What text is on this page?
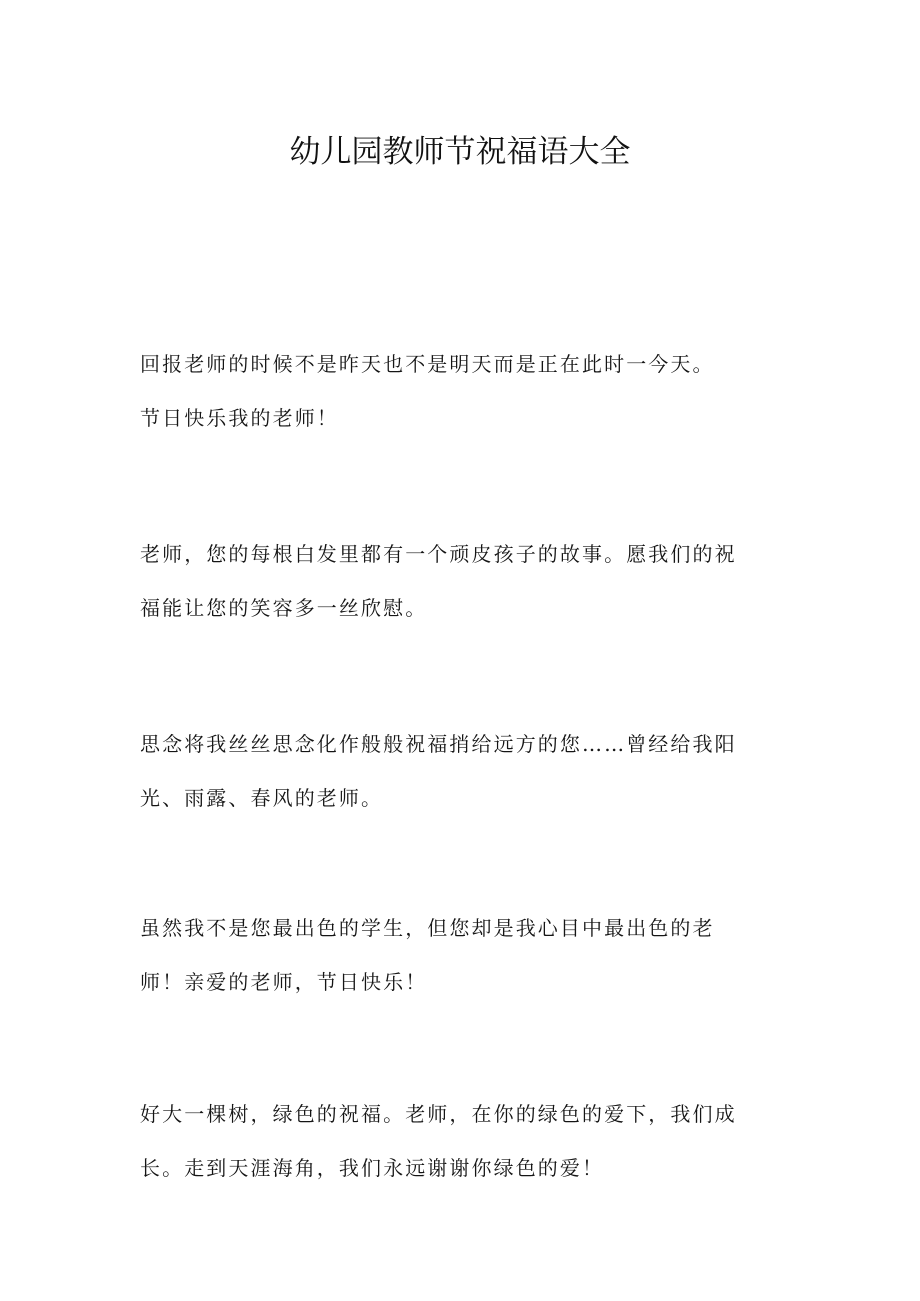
幼儿园教师节祝福语大全

回报老师的时候不是昨天也不是明天而是正在此时一今天。
节日快乐我的老师！

老师，您的每根白发里都有一个顽皮孩子的故事。愿我们的祝
福能让您的笑容多一丝欣慰。

思念将我丝丝思念化作般般祝福捎给远方的您……曾经给我阳
光、雨露、春风的老师。

虽然我不是您最出色的学生，但您却是我心目中最出色的老
师！亲爱的老师，节日快乐！

好大一棵树，绿色的祝福。老师，在你的绿色的爱下，我们成
长。走到天涯海角，我们永远谢谢你绿色的爱！
